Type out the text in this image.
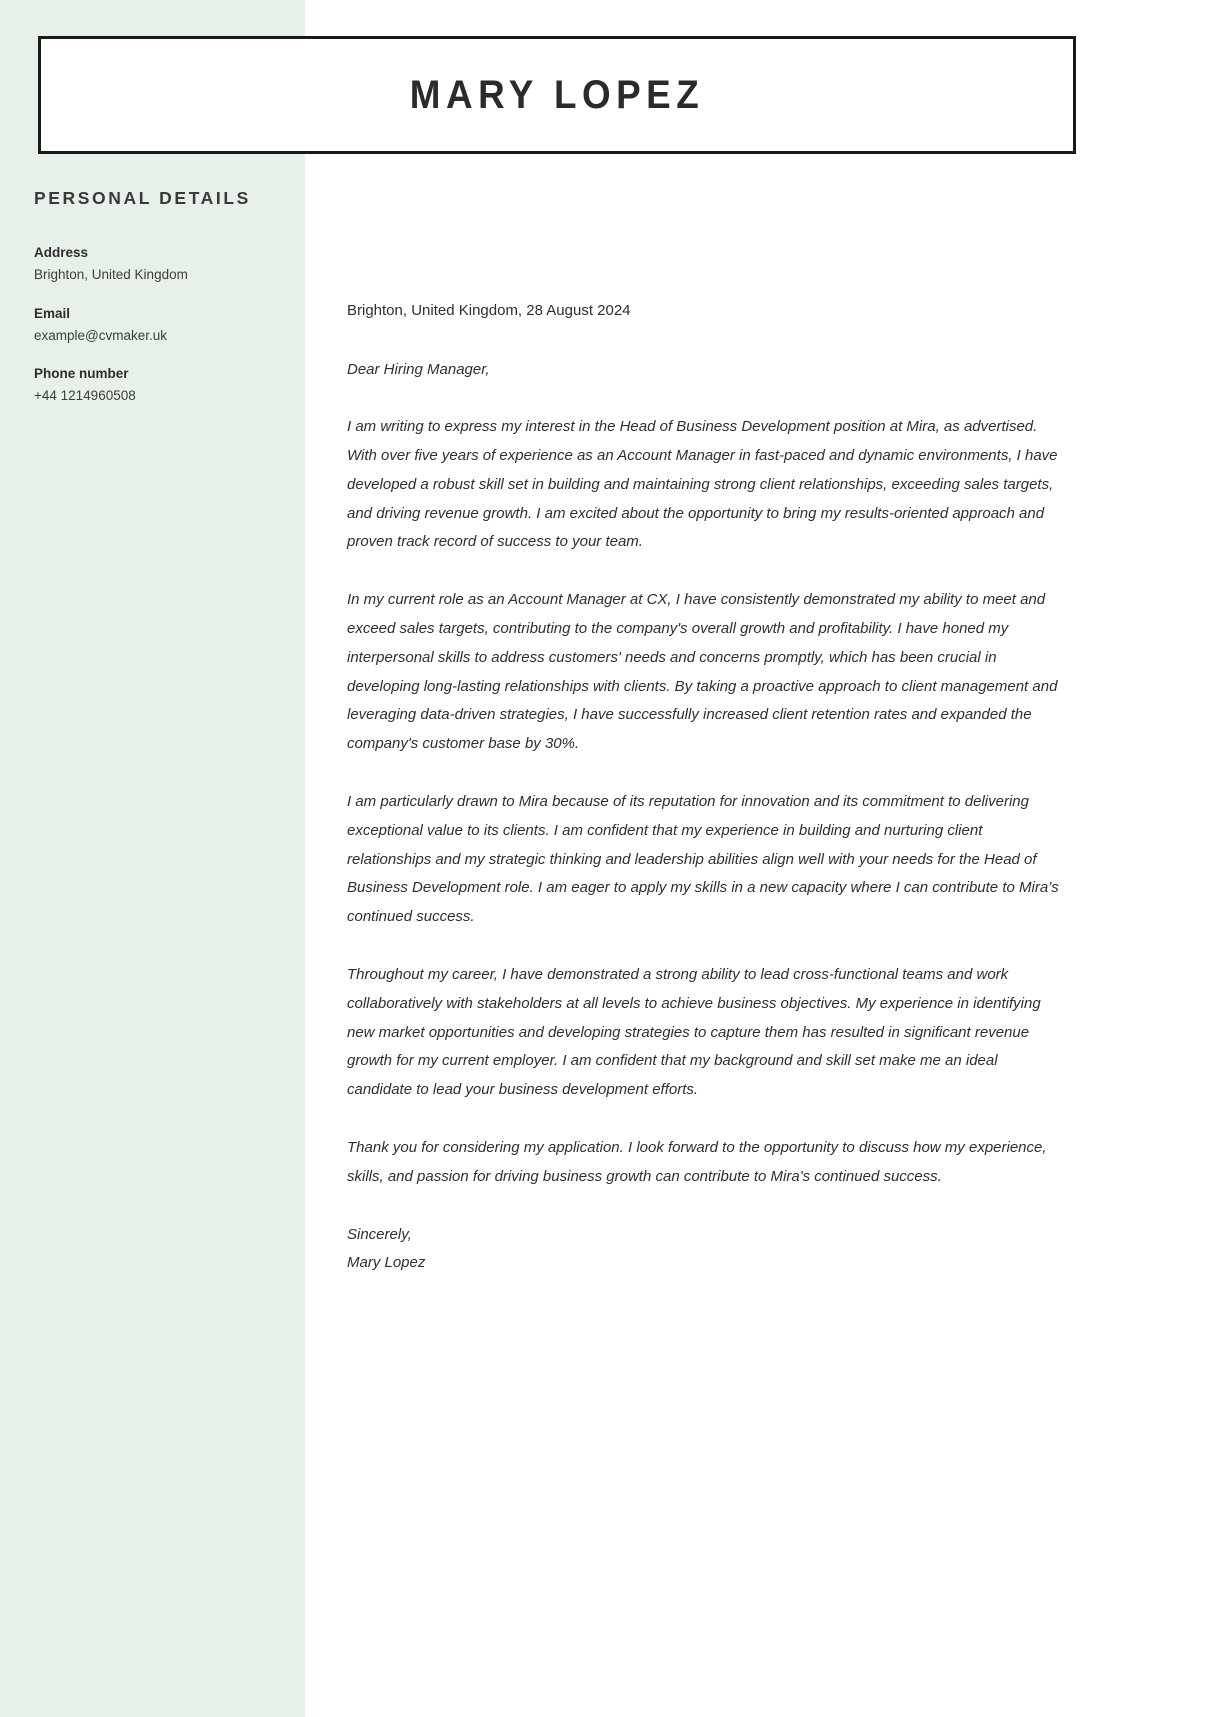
PERSONAL DETAILS
Address
Brighton, United Kingdom
Email
example@cvmaker.uk
Phone number
+44 1214960508
MARY LOPEZ

Brighton, United Kingdom, 28 August 2024

Dear Hiring Manager,

I am writing to express my interest in the Head of Business Development position at Mira, as advertised. With over five years of experience as an Account Manager in fast-paced and dynamic environments, I have developed a robust skill set in building and maintaining strong client relationships, exceeding sales targets, and driving revenue growth. I am excited about the opportunity to bring my results-oriented approach and proven track record of success to your team.

In my current role as an Account Manager at CX, I have consistently demonstrated my ability to meet and exceed sales targets, contributing to the company's overall growth and profitability. I have honed my interpersonal skills to address customers' needs and concerns promptly, which has been crucial in developing long-lasting relationships with clients. By taking a proactive approach to client management and leveraging data-driven strategies, I have successfully increased client retention rates and expanded the company's customer base by 30%.

I am particularly drawn to Mira because of its reputation for innovation and its commitment to delivering exceptional value to its clients. I am confident that my experience in building and nurturing client relationships and my strategic thinking and leadership abilities align well with your needs for the Head of Business Development role. I am eager to apply my skills in a new capacity where I can contribute to Mira’s continued success.

Throughout my career, I have demonstrated a strong ability to lead cross-functional teams and work collaboratively with stakeholders at all levels to achieve business objectives. My experience in identifying new market opportunities and developing strategies to capture them has resulted in significant revenue growth for my current employer. I am confident that my background and skill set make me an ideal candidate to lead your business development efforts.

Thank you for considering my application. I look forward to the opportunity to discuss how my experience, skills, and passion for driving business growth can contribute to Mira's continued success.

Sincerely,

Mary Lopez
